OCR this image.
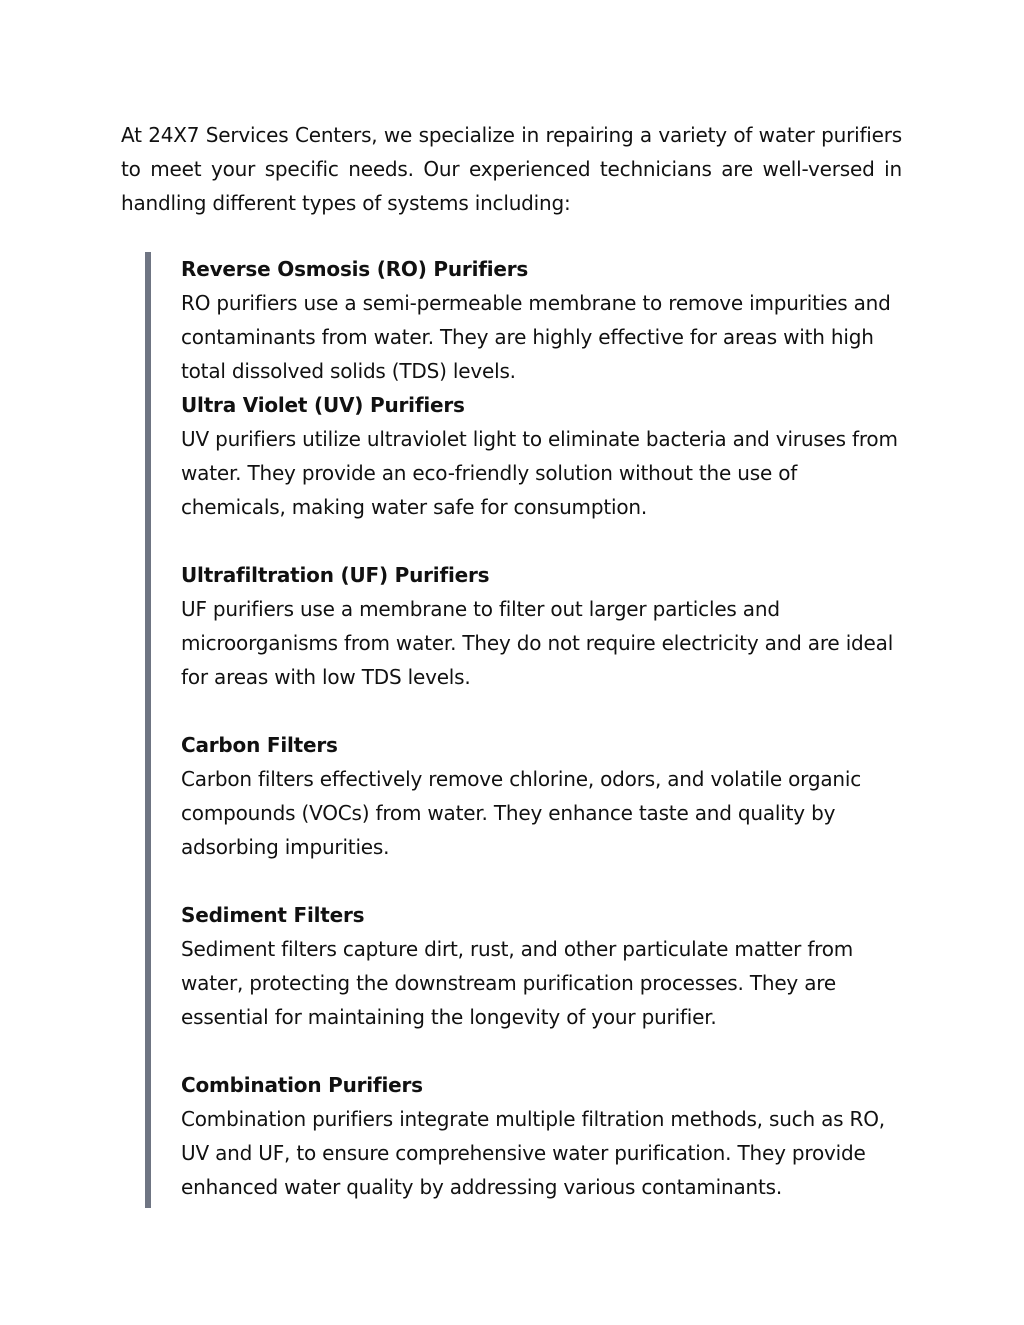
At 24X7 Services Centers, we specialize in repairing a variety of water purifiers to meet your specific needs. Our experienced technicians are well-versed in handling different types of systems including:

Reverse Osmosis (RO) Purifiers
RO purifiers use a semi-permeable membrane to remove impurities and contaminants from water. They are highly effective for areas with high total dissolved solids (TDS) levels.
Ultra Violet (UV) Purifiers
UV purifiers utilize ultraviolet light to eliminate bacteria and viruses from water. They provide an eco-friendly solution without the use of chemicals, making water safe for consumption.
Ultrafiltration (UF) Purifiers
UF purifiers use a membrane to filter out larger particles and microorganisms from water. They do not require electricity and are ideal for areas with low TDS levels.
Carbon Filters
Carbon filters effectively remove chlorine, odors, and volatile organic compounds (VOCs) from water. They enhance taste and quality by adsorbing impurities.
Sediment Filters
Sediment filters capture dirt, rust, and other particulate matter from water, protecting the downstream purification processes. They are essential for maintaining the longevity of your purifier.
Combination Purifiers
Combination purifiers integrate multiple filtration methods, such as RO, UV and UF, to ensure comprehensive water purification. They provide enhanced water quality by addressing various contaminants.
